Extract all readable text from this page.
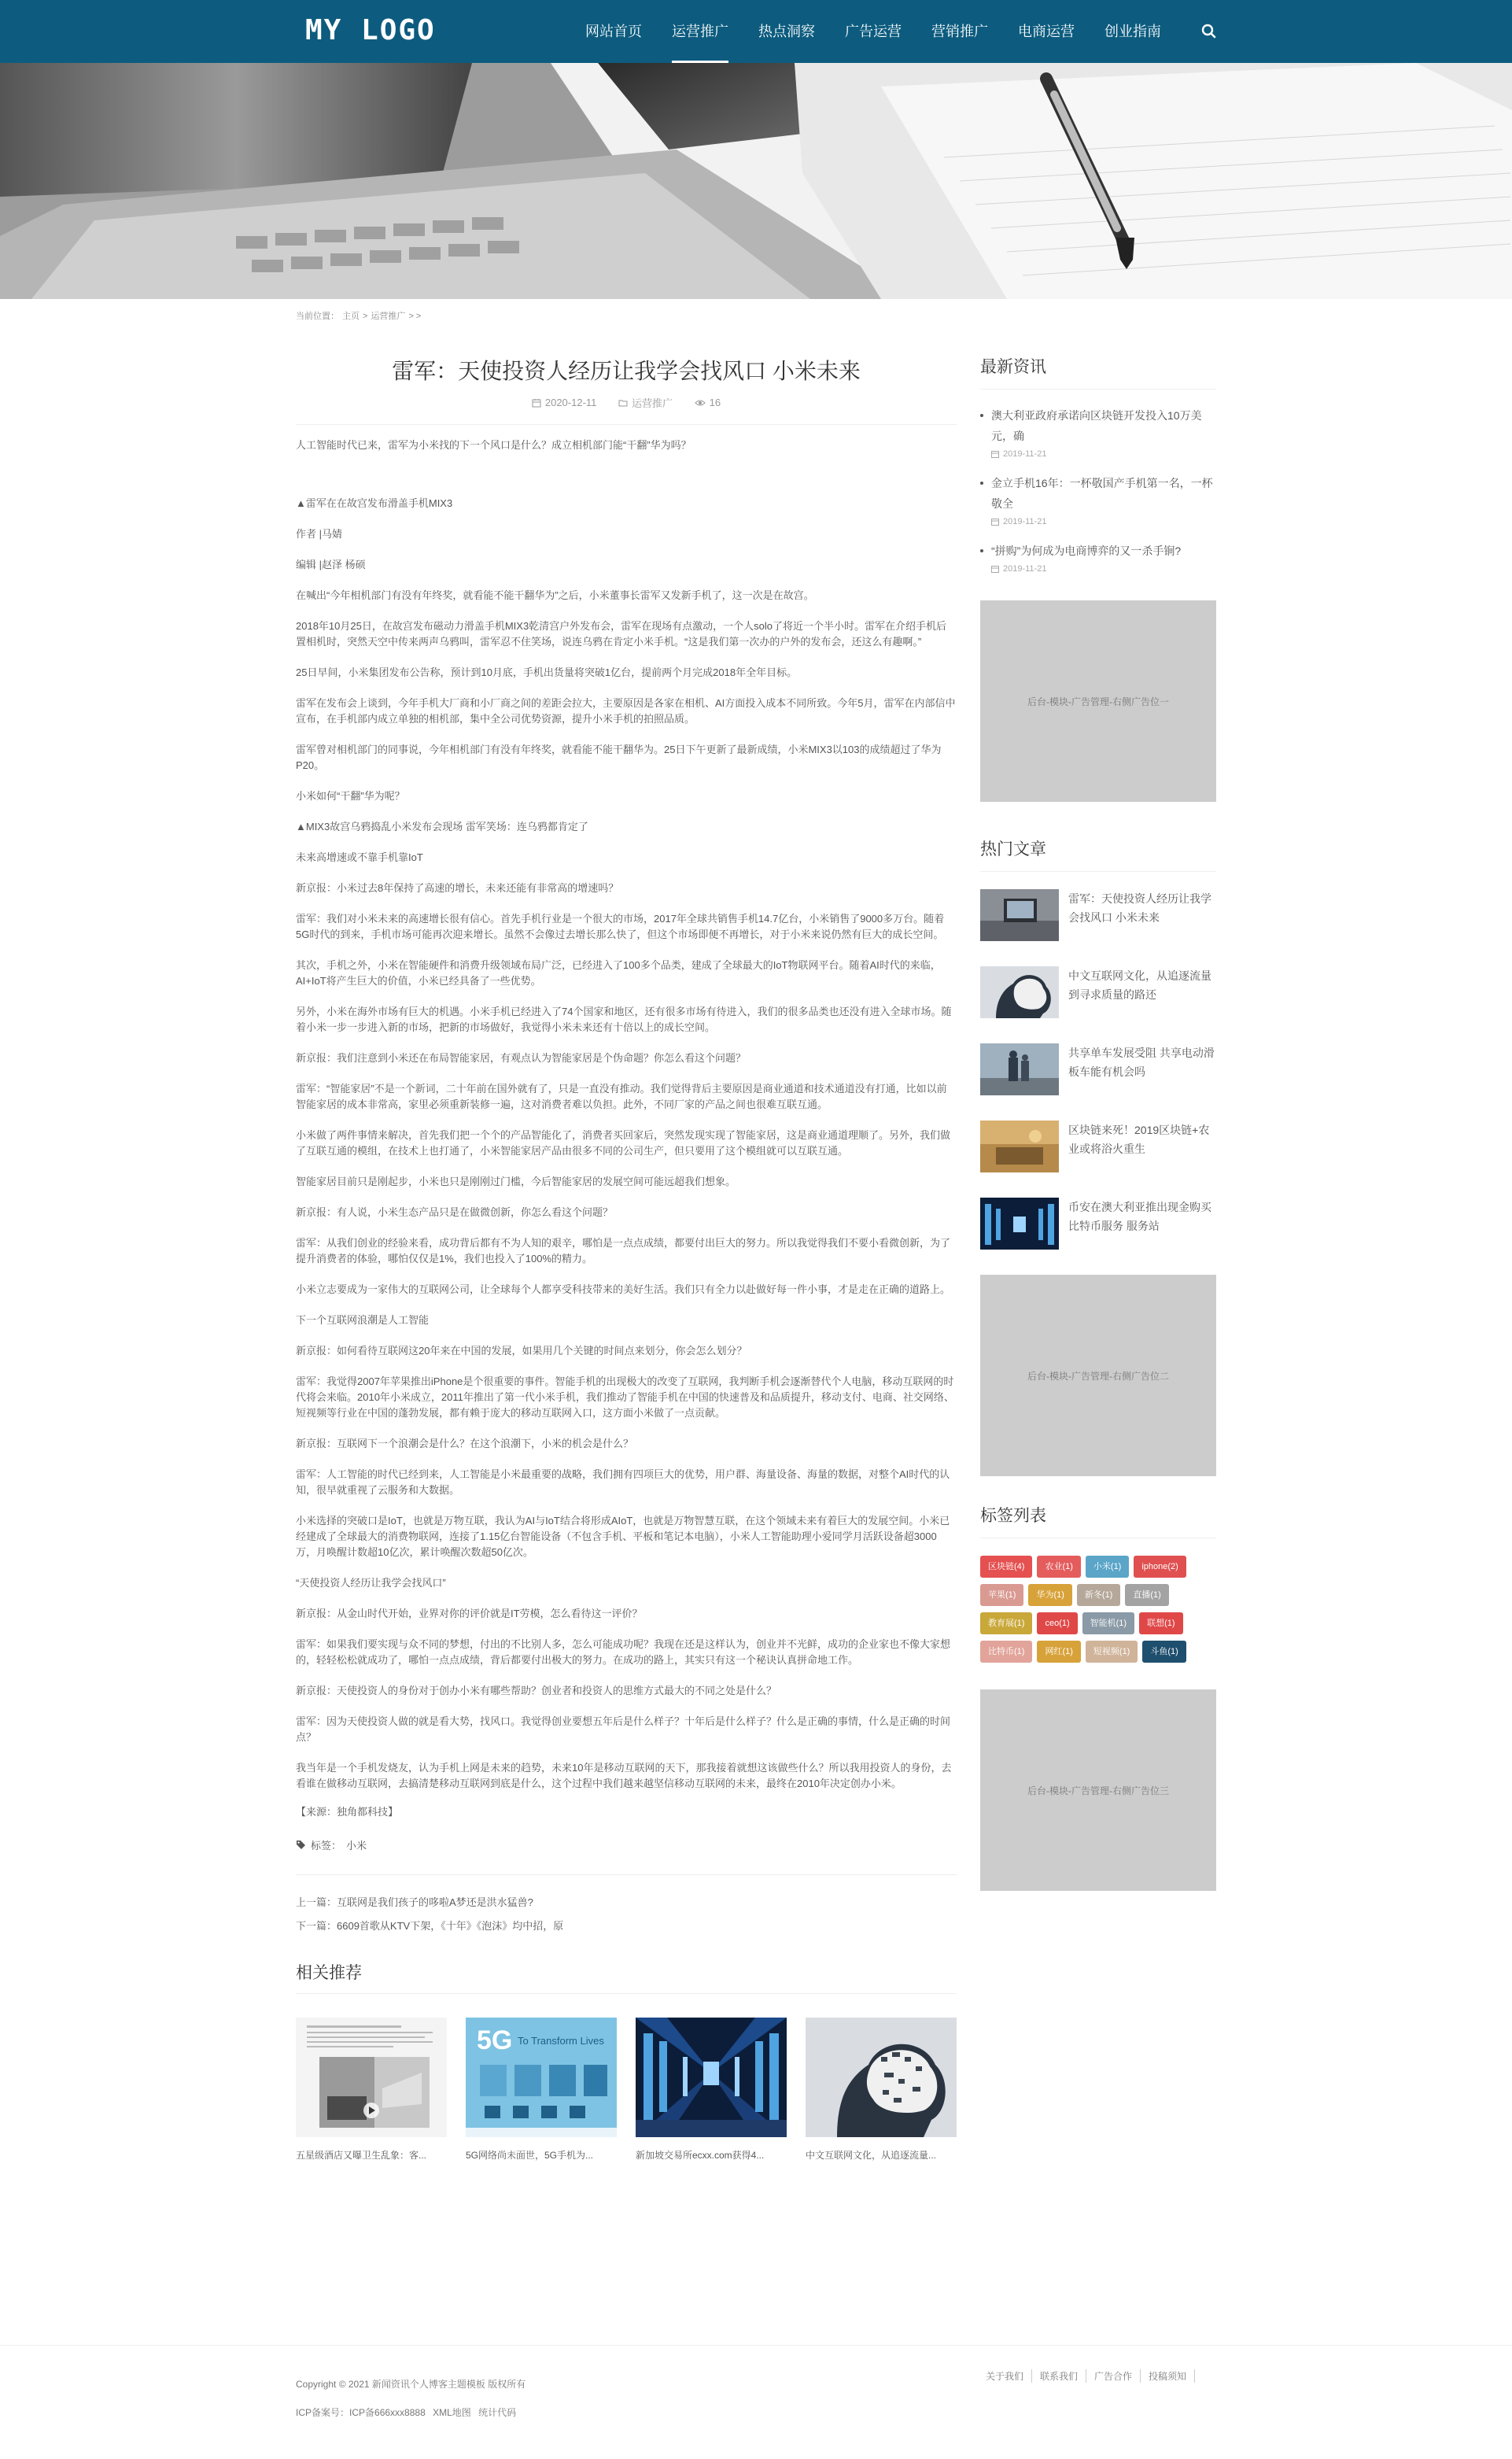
MY LOGO	网站首页 运营推广 热点洞察 广告运营 营销推广 电商运营 创业指南
当前位置： 主页 > 运营推广 > >
雷军：天使投资人经历让我学会找风口 小米未来
2020-12-11
	运营推广
	16

人工智能时代已来，雷军为小米找的下一个风口是什么？成立相机部门能“干翻”华为吗？

▲雷军在在故宫发布滑盖手机MIX3

作者 |马婧

编辑 |赵泽 杨硕

在喊出“今年相机部门有没有年终奖，就看能不能干翻华为”之后，小米董事长雷军又发新手机了，这一次是在故宫。

2018年10月25日，在故宫发布磁动力滑盖手机MIX3乾清宫户外发布会，雷军在现场有点激动，一个人solo了将近一个半小时。雷军在介绍手机后置相机时，突然天空中传来两声乌鸦叫，雷军忍不住笑场，说连乌鸦在肯定小米手机。“这是我们第一次办的户外的发布会，还这么有趣啊。”

25日早间，小米集团发布公告称，预计到10月底，手机出货量将突破1亿台，提前两个月完成2018年全年目标。

雷军在发布会上谈到，今年手机大厂商和小厂商之间的差距会拉大，主要原因是各家在相机、AI方面投入成本不同所致。今年5月，雷军在内部信中宣布，在手机部内成立单独的相机部，集中全公司优势资源，提升小米手机的拍照品质。

雷军曾对相机部门的同事说，今年相机部门有没有年终奖，就看能不能干翻华为。25日下午更新了最新成绩，小米MIX3以103的成绩超过了华为P20。

小米如何“干翻”华为呢？

▲MIX3故宫乌鸦捣乱小米发布会现场 雷军笑场：连乌鸦都肯定了

未来高增速或不靠手机靠IoT

新京报：小米过去8年保持了高速的增长，未来还能有非常高的增速吗？

雷军：我们对小米未来的高速增长很有信心。首先手机行业是一个很大的市场，2017年全球共销售手机14.7亿台，小米销售了9000多万台。随着5G时代的到来，手机市场可能再次迎来增长。虽然不会像过去增长那么快了，但这个市场即便不再增长，对于小米来说仍然有巨大的成长空间。

其次，手机之外，小米在智能硬件和消费升级领域布局广泛，已经进入了100多个品类，建成了全球最大的IoT物联网平台。随着AI时代的来临，AI+IoT将产生巨大的价值，小米已经具备了一些优势。

另外，小米在海外市场有巨大的机遇。小米手机已经进入了74个国家和地区，还有很多市场有待进入，我们的很多品类也还没有进入全球市场。随着小米一步一步进入新的市场，把新的市场做好，我觉得小米未来还有十倍以上的成长空间。

新京报：我们注意到小米还在布局智能家居，有观点认为智能家居是个伪命题？你怎么看这个问题？

雷军：“智能家居”不是一个新词，二十年前在国外就有了，只是一直没有推动。我们觉得背后主要原因是商业通道和技术通道没有打通，比如以前智能家居的成本非常高，家里必须重新装修一遍，这对消费者难以负担。此外，不同厂家的产品之间也很难互联互通。

小米做了两件事情来解决，首先我们把一个个的产品智能化了，消费者买回家后，突然发现实现了智能家居，这是商业通道理顺了。另外，我们做了互联互通的模组，在技术上也打通了，小米智能家居产品由很多不同的公司生产，但只要用了这个模组就可以互联互通。

智能家居目前只是刚起步，小米也只是刚刚过门槛，今后智能家居的发展空间可能远超我们想象。

新京报：有人说，小米生态产品只是在做微创新，你怎么看这个问题？

雷军：从我们创业的经验来看，成功背后都有不为人知的艰辛，哪怕是一点点成绩，都要付出巨大的努力。所以我觉得我们不要小看微创新，为了提升消费者的体验，哪怕仅仅是1%，我们也投入了100%的精力。

小米立志要成为一家伟大的互联网公司，让全球每个人都享受科技带来的美好生活。我们只有全力以赴做好每一件小事，才是走在正确的道路上。

下一个互联网浪潮是人工智能

新京报：如何看待互联网这20年来在中国的发展，如果用几个关键的时间点来划分，你会怎么划分？

雷军：我觉得2007年苹果推出iPhone是个很重要的事件。智能手机的出现极大的改变了互联网，我判断手机会逐渐替代个人电脑，移动互联网的时代将会来临。2010年小米成立，2011年推出了第一代小米手机，我们推动了智能手机在中国的快速普及和品质提升，移动支付、电商、社交网络、短视频等行业在中国的蓬勃发展，都有赖于庞大的移动互联网入口，这方面小米做了一点贡献。

新京报：互联网下一个浪潮会是什么？在这个浪潮下，小米的机会是什么？

雷军：人工智能的时代已经到来，人工智能是小米最重要的战略，我们拥有四项巨大的优势，用户群、海量设备、海量的数据，对整个AI时代的认知，很早就重视了云服务和大数据。

小米选择的突破口是IoT，也就是万物互联，我认为AI与IoT结合将形成AIoT，也就是万物智慧互联，在这个领域未来有着巨大的发展空间。小米已经建成了全球最大的消费物联网，连接了1.15亿台智能设备（不包含手机、平板和笔记本电脑），小米人工智能助理小爱同学月活跃设备超3000万，月唤醒计数超10亿次，累计唤醒次数超50亿次。

“天使投资人经历让我学会找风口”

新京报：从金山时代开始，业界对你的评价就是IT劳模，怎么看待这一评价？

雷军：如果我们要实现与众不同的梦想，付出的不比别人多，怎么可能成功呢？我现在还是这样认为，创业并不光鲜，成功的企业家也不像大家想的，轻轻松松就成功了，哪怕一点点成绩，背后都要付出极大的努力。在成功的路上，其实只有这一个秘诀认真拼命地工作。

新京报：天使投资人的身份对于创办小米有哪些帮助？创业者和投资人的思维方式最大的不同之处是什么？

雷军：因为天使投资人做的就是看大势，找风口。我觉得创业要想五年后是什么样子？十年后是什么样子？什么是正确的事情，什么是正确的时间点？

我当年是一个手机发烧友，认为手机上网是未来的趋势，未来10年是移动互联网的天下，那我接着就想这该做些什么？所以我用投资人的身份，去看谁在做移动互联网，去搞清楚移动互联网到底是什么，这个过程中我们越来越坚信移动互联网的未来，最终在2010年决定创办小米。

【来源：独角都科技】
标签： 小米
上一篇：互联网是我们孩子的哆啦A梦还是洪水猛兽?
下一篇：6609首歌从KTV下架，《十年》《泡沫》均中招，原
相关推荐
五星级酒店又曝卫生乱象：客...
5G To Transform Lives
5G网络尚未面世，5G手机为...	新加坡交易所ecxx.com获得4...	中文互联网文化，从追逐流量...
最新资讯
澳大利亚政府承诺向区块链开发投入10万美元，确
2019-11-21
金立手机16年：一杯敬国产手机第一名，一杯敬全
2019-11-21
“拼购”为何成为电商博弈的又一杀手锏?
2019-11-21
后台-模块-广告管理-右侧广告位一
热门文章
雷军：天使投资人经历让我学会找风口 小米未来
中文互联网文化，从追逐流量到寻求质量的路还
共享单车发展受阻 共享电动滑板车能有机会吗
区块链来死！2019区块链+农业或将浴火重生
币安在澳大利亚推出现金购买比特币服务 服务站
后台-模块-广告管理-右侧广告位二
标签列表
区块链(4)	农业(1)	小米(1)	iphone(2)
苹果(1)	华为(1)	新冬(1)	直播(1)
教育展(1)	ceo(1)	智能机(1)	联想(1)
比特币(1)	网红(1)	短视频(1)	斗鱼(1)
后台-模块-广告管理-右侧广告位三
Copyright © 2021 新闻资讯个人博客主题模板 版权所有
ICP备案号：ICP备666xxx8888 XML地图 统计代码
关于我们	联系我们	广告合作	投稿须知
